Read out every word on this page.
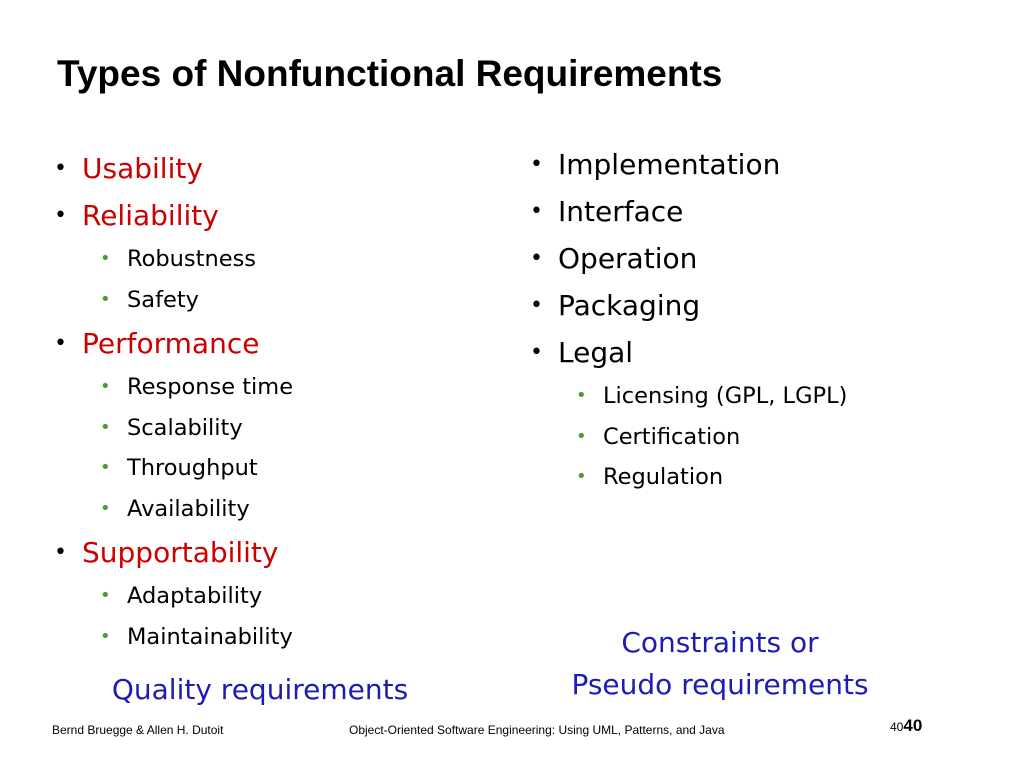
Types of Nonfunctional Requirements
• Usability
• Reliability
• Robustness
• Safety
• Performance
• Response time
• Scalability
• Throughput
• Availability
• Supportability
• Adaptability
• Maintainability
Quality requirements
• Implementation
• Interface
• Operation
• Packaging
• Legal
• Licensing (GPL, LGPL)
• Certification
• Regulation
Constraints or
Pseudo requirements
Bernd Bruegge & Allen H. Dutoit	Object-Oriented Software Engineering: Using UML, Patterns, and Java	4040
